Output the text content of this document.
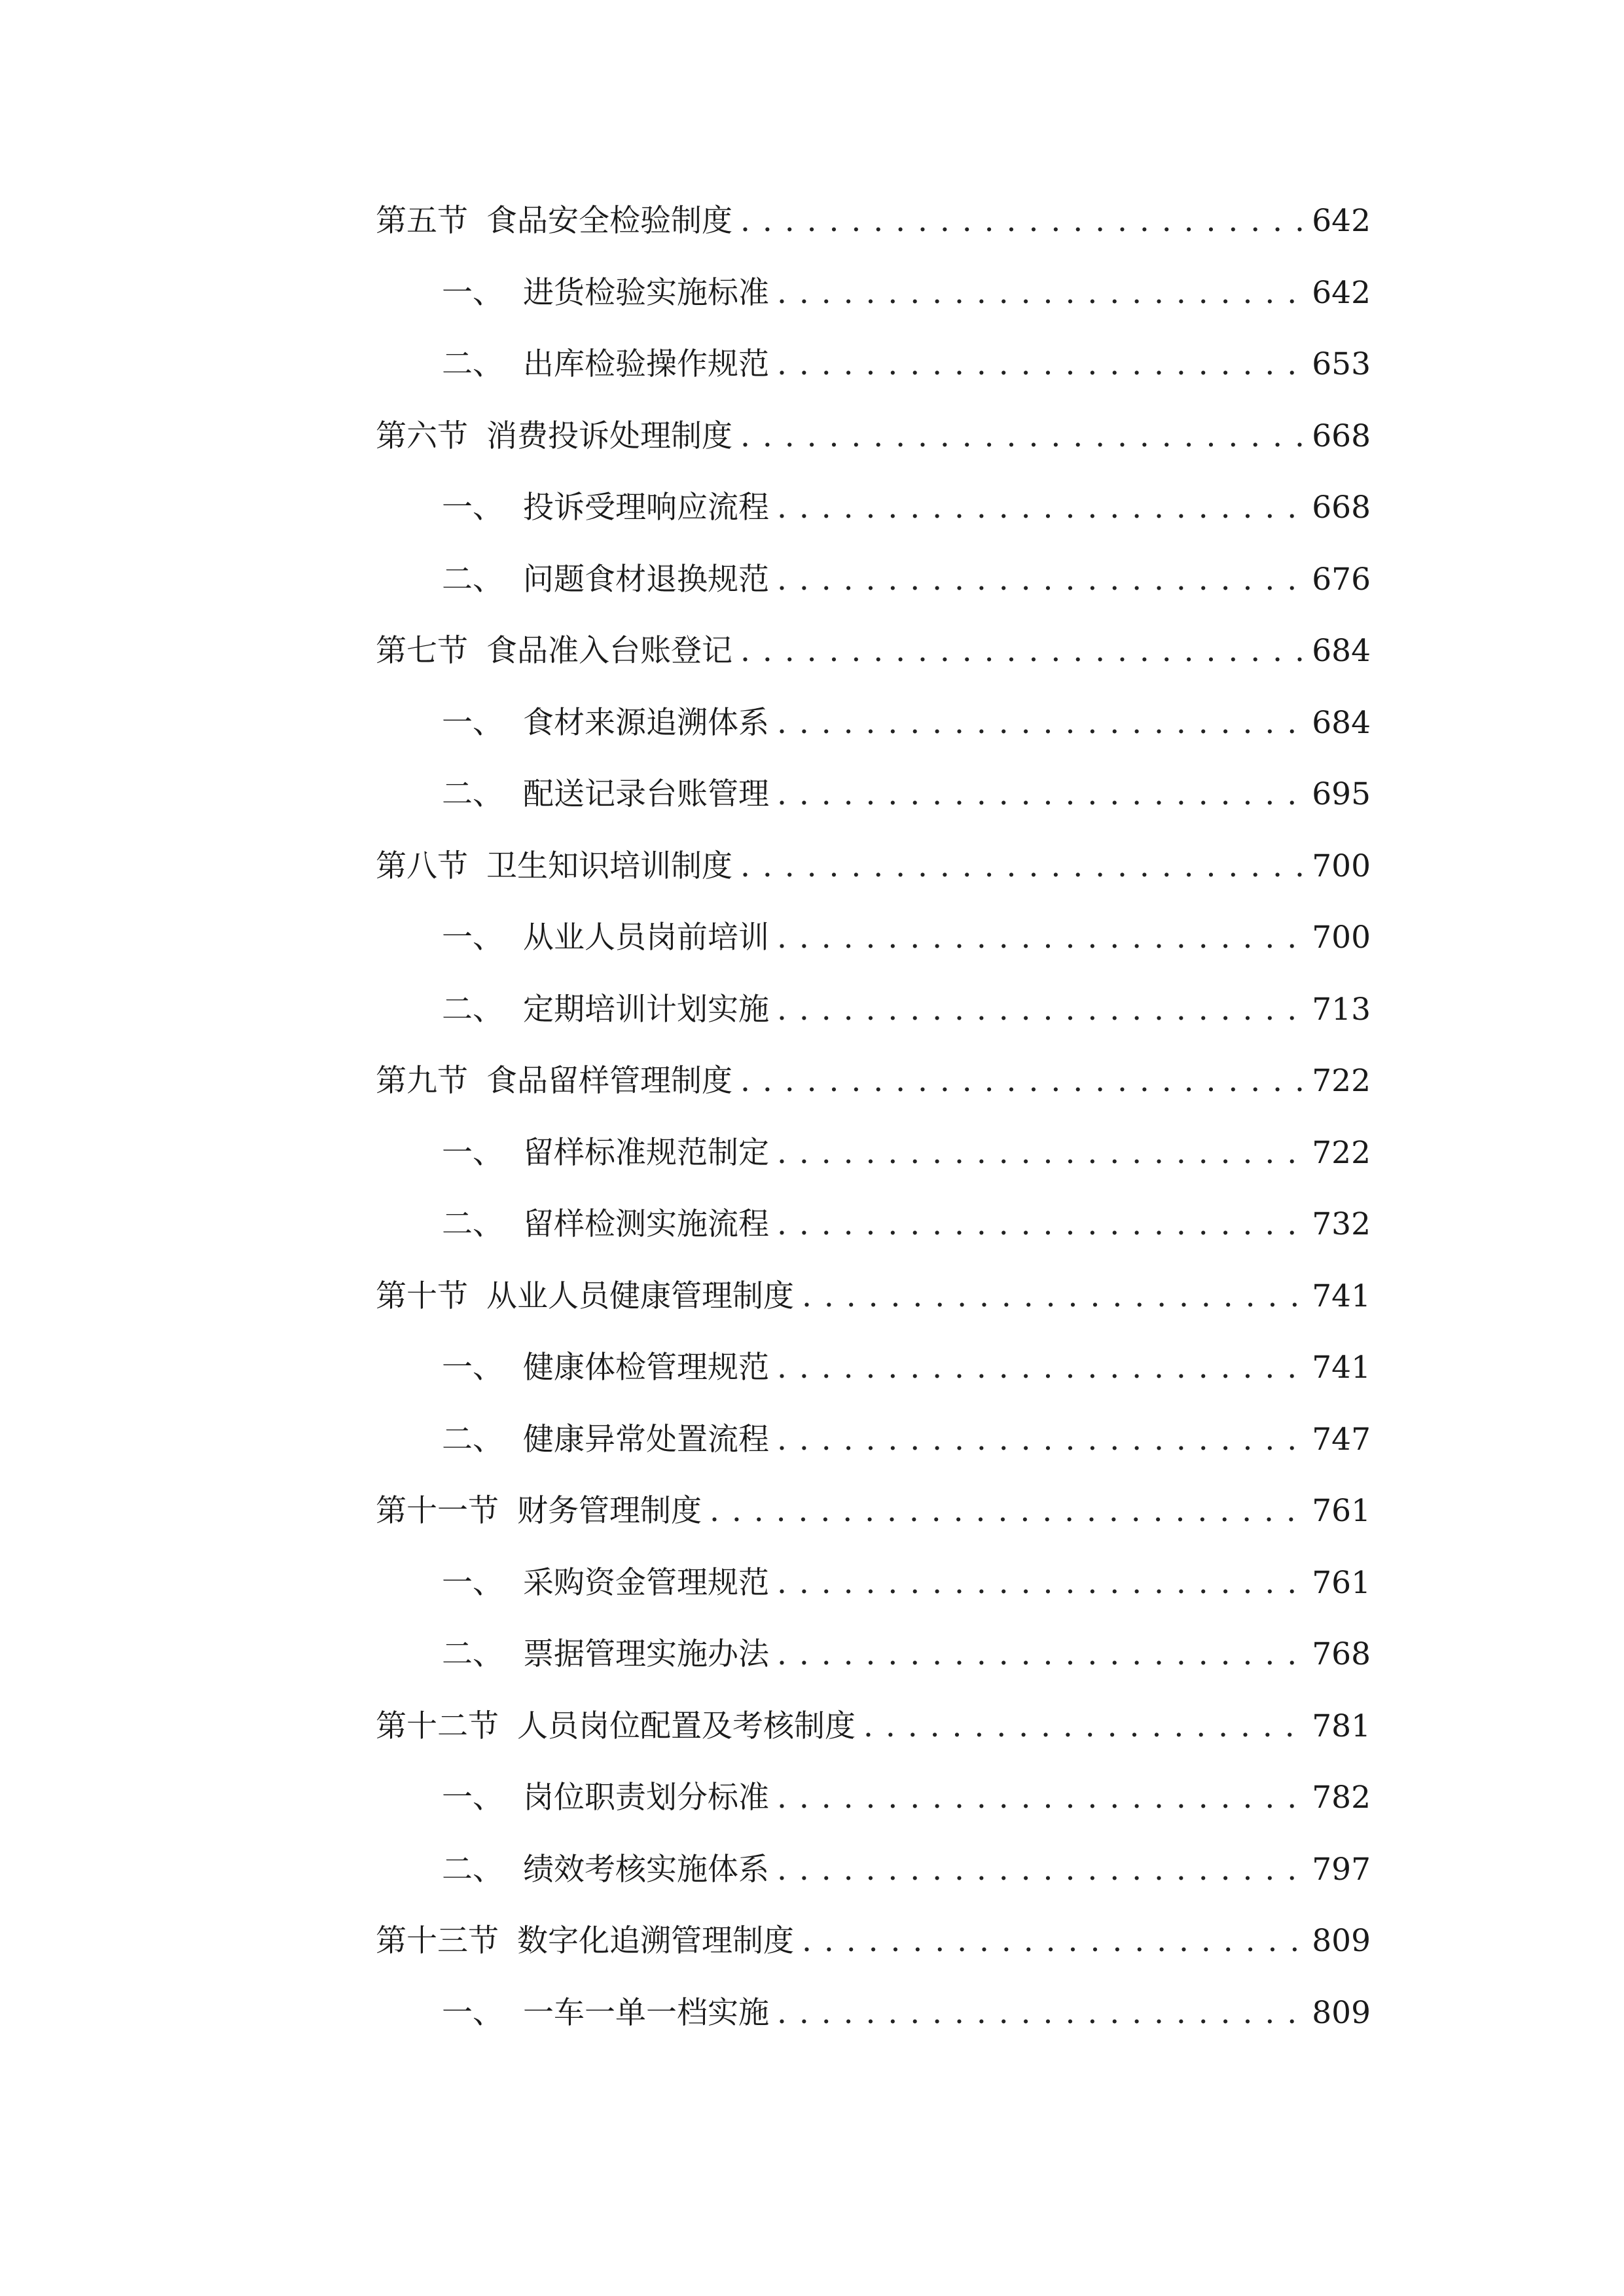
第五节 食品安全检验制度 . . .	642
一、 进货检验实施标准 . . .	642
二、 出库检验操作规范 . . .	653
第六节 消费投诉处理制度 . . .	668
一、 投诉受理响应流程 . . .	668
二、 问题食材退换规范 . . .	676
第七节 食品准入台账登记 . . .	684
一、 食材来源追溯体系 . . .	684
二、 配送记录台账管理 . . .	695
第八节 卫生知识培训制度 . . .	700
一、 从业人员岗前培训 . . .	700
二、 定期培训计划实施 . . .	713
第九节 食品留样管理制度 . . .	722
一、 留样标准规范制定 . . .	722
二、 留样检测实施流程 . . .	732
第十节 从业人员健康管理制度 . . .	741
一、 健康体检管理规范 . . .	741
二、 健康异常处置流程 . . .	747
第十一节 财务管理制度 . . .	761
一、 采购资金管理规范 . . .	761
二、 票据管理实施办法 . . .	768
第十二节 人员岗位配置及考核制度 . . .	781
一、 岗位职责划分标准 . . .	782
二、 绩效考核实施体系 . . .	797
第十三节 数字化追溯管理制度 . . .	809
一、 一车一单一档实施 . . .	809
